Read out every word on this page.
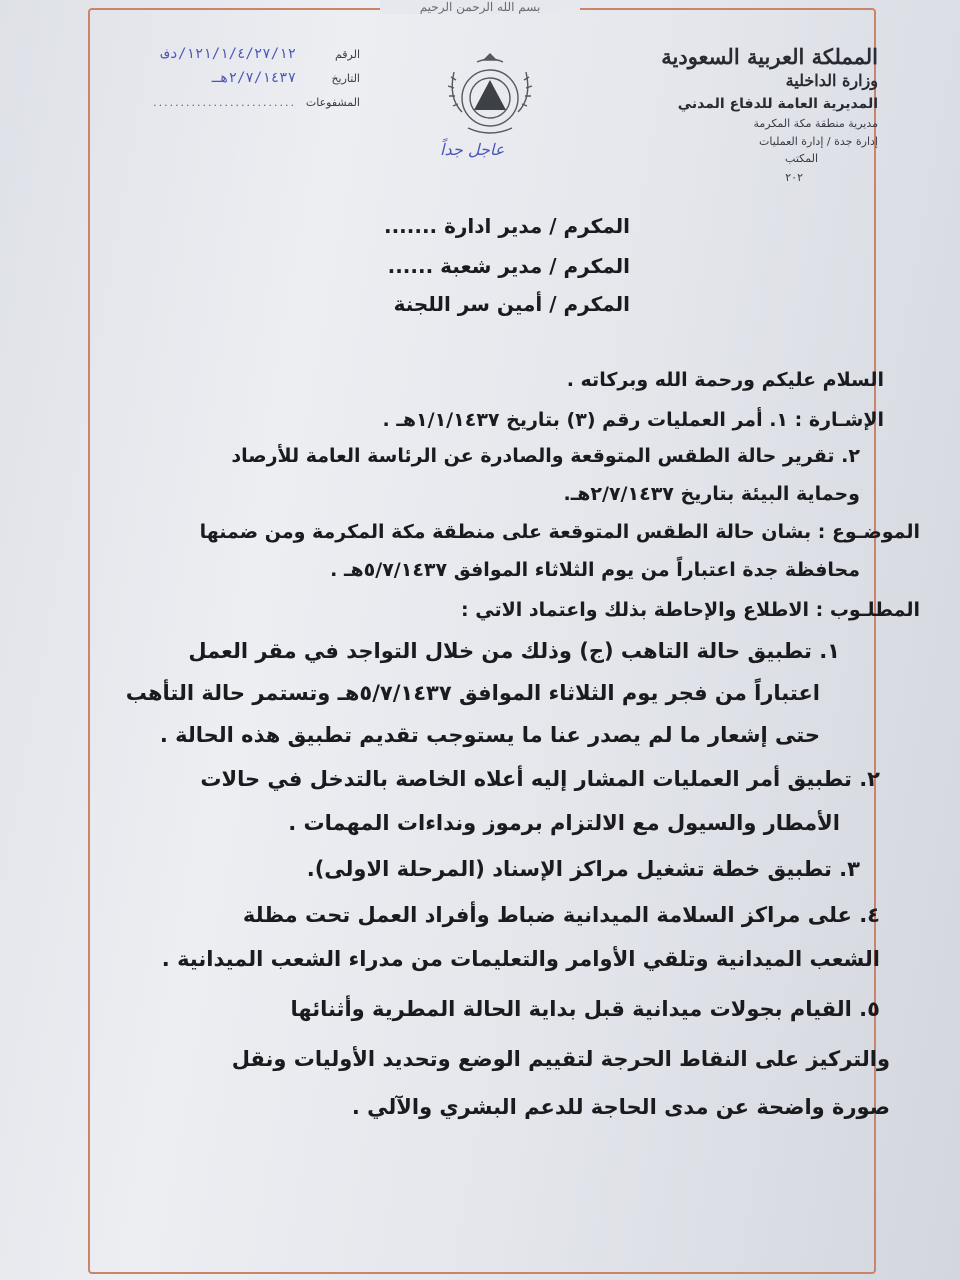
بسم الله الرحمن الرحيم
المملكة العربية السعودية
وزارة الداخلية
المديرية العامة للدفاع المدني
مديرية منطقة مكة المكرمة
إدارة جدة / إدارة العمليات
المكتب
٢٠٢
الرقم
١٢١/١/٤/٢٧/١٢/دف
التاريخ
٢/٧/١٤٣٧هـ
المشفوعات
..........................
عاجل جداً
المكرم / مدير ادارة .......
المكرم / مدير شعبة ......
المكرم / أمين سر اللجنة
السلام عليكم ورحمة الله وبركاته .
الإشـارة : ١. أمر العمليات رقم (٣) بتاريخ ١/١/١٤٣٧هـ .
٢. تقرير حالة الطقس المتوقعة والصادرة عن الرئاسة العامة للأرصاد
وحماية البيئة بتاريخ ٢/٧/١٤٣٧هـ.
الموضـوع : بشان حالة الطقس المتوقعة على منطقة مكة المكرمة ومن ضمنها
محافظة جدة اعتباراً من يوم الثلاثاء الموافق ٥/٧/١٤٣٧هـ .
المطلـوب : الاطلاع والإحاطة بذلك واعتماد الاتي :
١. تطبيق حالة التاهب (ج) وذلك من خلال التواجد في مقر العمل
اعتباراً من فجر يوم الثلاثاء الموافق ٥/٧/١٤٣٧هـ وتستمر حالة التأهب
حتى إشعار ما لم يصدر عنا ما يستوجب تقديم تطبيق هذه الحالة .
٢. تطبيق أمر العمليات المشار إليه أعلاه الخاصة بالتدخل في حالات
الأمطار والسيول مع الالتزام برموز ونداءات المهمات .
٣. تطبيق خطة تشغيل مراكز الإسناد (المرحلة الاولى).
٤. على مراكز السلامة الميدانية ضباط وأفراد العمل تحت مظلة
الشعب الميدانية وتلقي الأوامر والتعليمات من مدراء الشعب الميدانية .
٥. القيام بجولات ميدانية قبل بداية الحالة المطرية وأثنائها
والتركيز على النقاط الحرجة لتقييم الوضع وتحديد الأوليات ونقل
صورة واضحة عن مدى الحاجة للدعم البشري والآلي .
